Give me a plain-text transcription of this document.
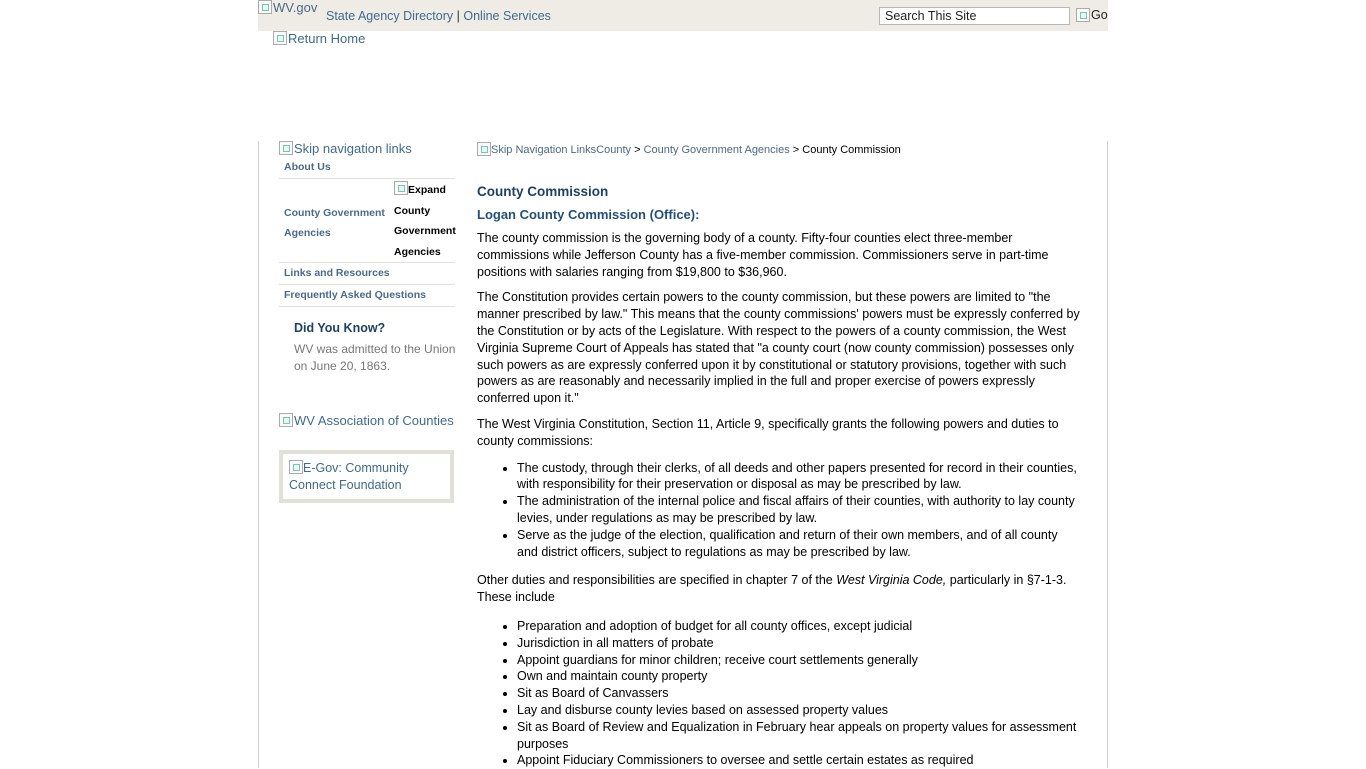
WV.gov
State Agency Directory | Online Services
Search This Site	Go
Return Home
Skip navigation links
About Us
County Government Agencies
Expand County Government Agencies
Links and Resources
Frequently Asked Questions
Did You Know?

WV was admitted to the Union on June 20, 1863.

WV Association of Counties
E-Gov: Community Connect Foundation
Skip Navigation LinksCounty > County Government Agencies > County Commission
County Commission
Logan County Commission (Office):

The county commission is the governing body of a county. Fifty-four counties elect three-member commissions while Jefferson County has a five-member commission. Commissioners serve in part-time positions with salaries ranging from $19,800 to $36,960.

The Constitution provides certain powers to the county commission, but these powers are limited to "the manner prescribed by law." This means that the county commissions' powers must be expressly conferred by the Constitution or by acts of the Legislature. With respect to the powers of a county commission, the West Virginia Supreme Court of Appeals has stated that "a county court (now county commission) possesses only such powers as are expressly conferred upon it by constitutional or statutory provisions, together with such powers as are reasonably and necessarily implied in the full and proper exercise of powers expressly conferred upon it."

The West Virginia Constitution, Section 11, Article 9, specifically grants the following powers and duties to county commissions:

• The custody, through their clerks, of all deeds and other papers presented for record in their counties, with responsibility for their preservation or disposal as may be prescribed by law.
• The administration of the internal police and fiscal affairs of their counties, with authority to lay county levies, under regulations as may be prescribed by law.
• Serve as the judge of the election, qualification and return of their own members, and of all county and district officers, subject to regulations as may be prescribed by law.

Other duties and responsibilities are specified in chapter 7 of the West Virginia Code, particularly in §7-1-3. These include

• Preparation and adoption of budget for all county offices, except judicial
• Jurisdiction in all matters of probate
• Appoint guardians for minor children; receive court settlements generally
• Own and maintain county property
• Sit as Board of Canvassers
• Lay and disburse county levies based on assessed property values
• Sit as Board of Review and Equalization in February hear appeals on property values for assessment purposes
• Appoint Fiduciary Commissioners to oversee and settle certain estates as required
